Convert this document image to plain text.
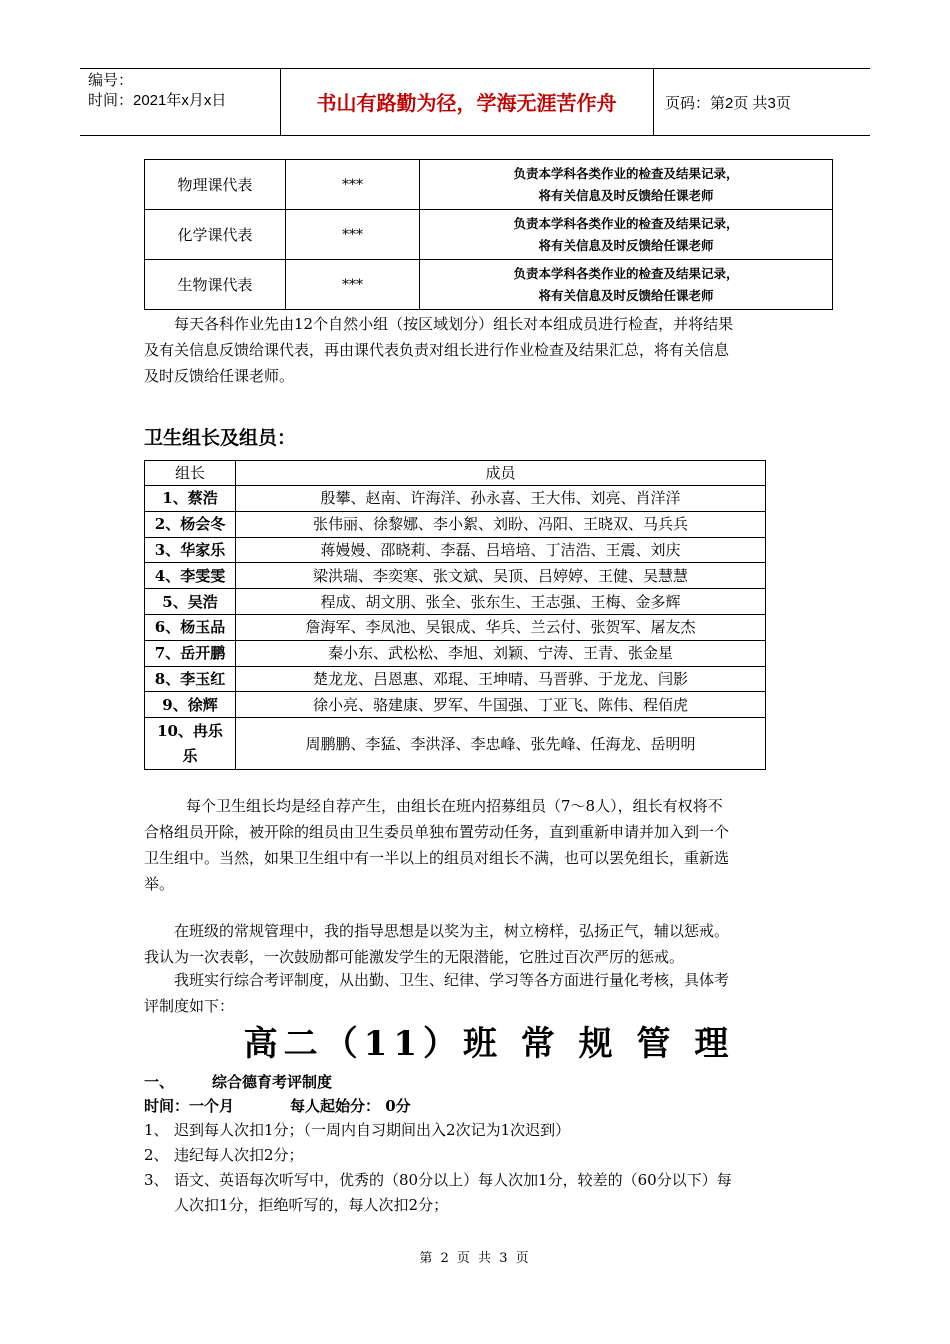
编号：
时间：2021年x月x日	书山有路勤为径，学海无涯苦作舟	页码：第2页 共3页
物理课代表	***	负责本学科各类作业的检查及结果记录，
将有关信息及时反馈给任课老师

化学课代表	***	负责本学科各类作业的检查及结果记录，
将有关信息及时反馈给任课老师

生物课代表	***	负责本学科各类作业的检查及结果记录，
将有关信息及时反馈给任课老师
每天各科作业先由12个自然小组（按区域划分）组长对本组成员进行检查，并将结果
及有关信息反馈给课代表，再由课代表负责对组长进行作业检查及结果汇总，将有关信息
及时反馈给任课老师。
卫生组长及组员：
组长	成员
1、蔡浩	殷攀、赵南、许海洋、孙永喜、王大伟、刘亮、肖洋洋
2、杨会冬	张伟丽、徐黎娜、李小絮、刘盼、冯阳、王晓双、马兵兵
3、华家乐	蒋嫚嫚、邵晓莉、李磊、吕培培、丁洁浩、王震、刘庆
4、李雯雯	梁洪瑞、李奕寒、张文斌、吴顶、吕婷婷、王健、吴慧慧
5、吴浩	程成、胡文朋、张全、张东生、王志强、王梅、金多辉
6、杨玉品	詹海军、李凤池、吴银成、华兵、兰云付、张贺军、屠友杰
7、岳开鹏	秦小东、武松松、李旭、刘颖、宁涛、王青、张金星
8、李玉红	楚龙龙、吕恩惠、邓琨、王坤晴、马晋骅、于龙龙、闫影
9、徐辉	徐小亮、骆建康、罗军、牛国强、丁亚飞、陈伟、程佰虎

10、冉乐
乐	周鹏鹏、李猛、李洪泽、李忠峰、张先峰、任海龙、岳明明
每个卫生组长均是经自荐产生，由组长在班内招募组员（7～8人），组长有权将不
合格组员开除，被开除的组员由卫生委员单独布置劳动任务，直到重新申请并加入到一个
卫生组中。当然，如果卫生组中有一半以上的组员对组长不满，也可以罢免组长，重新选
举。
在班级的常规管理中，我的指导思想是以奖为主，树立榜样，弘扬正气，辅以惩戒。
我认为一次表彰，一次鼓励都可能激发学生的无限潜能，它胜过百次严厉的惩戒。
我班实行综合考评制度，从出勤、卫生、纪律、学习等各方面进行量化考核，具体考
评制度如下：
高二（11）班 常 规 管 理
一、	综合德育考评制度
时间：一个月	每人起始分： 0分
1、 迟到每人次扣1分；（一周内自习期间出入2次记为1次迟到）
2、 违纪每人次扣2分；
3、 语文、英语每次听写中，优秀的（80分以上）每人次加1分，较差的（60分以下）每
人次扣1分，拒绝听写的，每人次扣2分；
第 2 页 共 3 页
